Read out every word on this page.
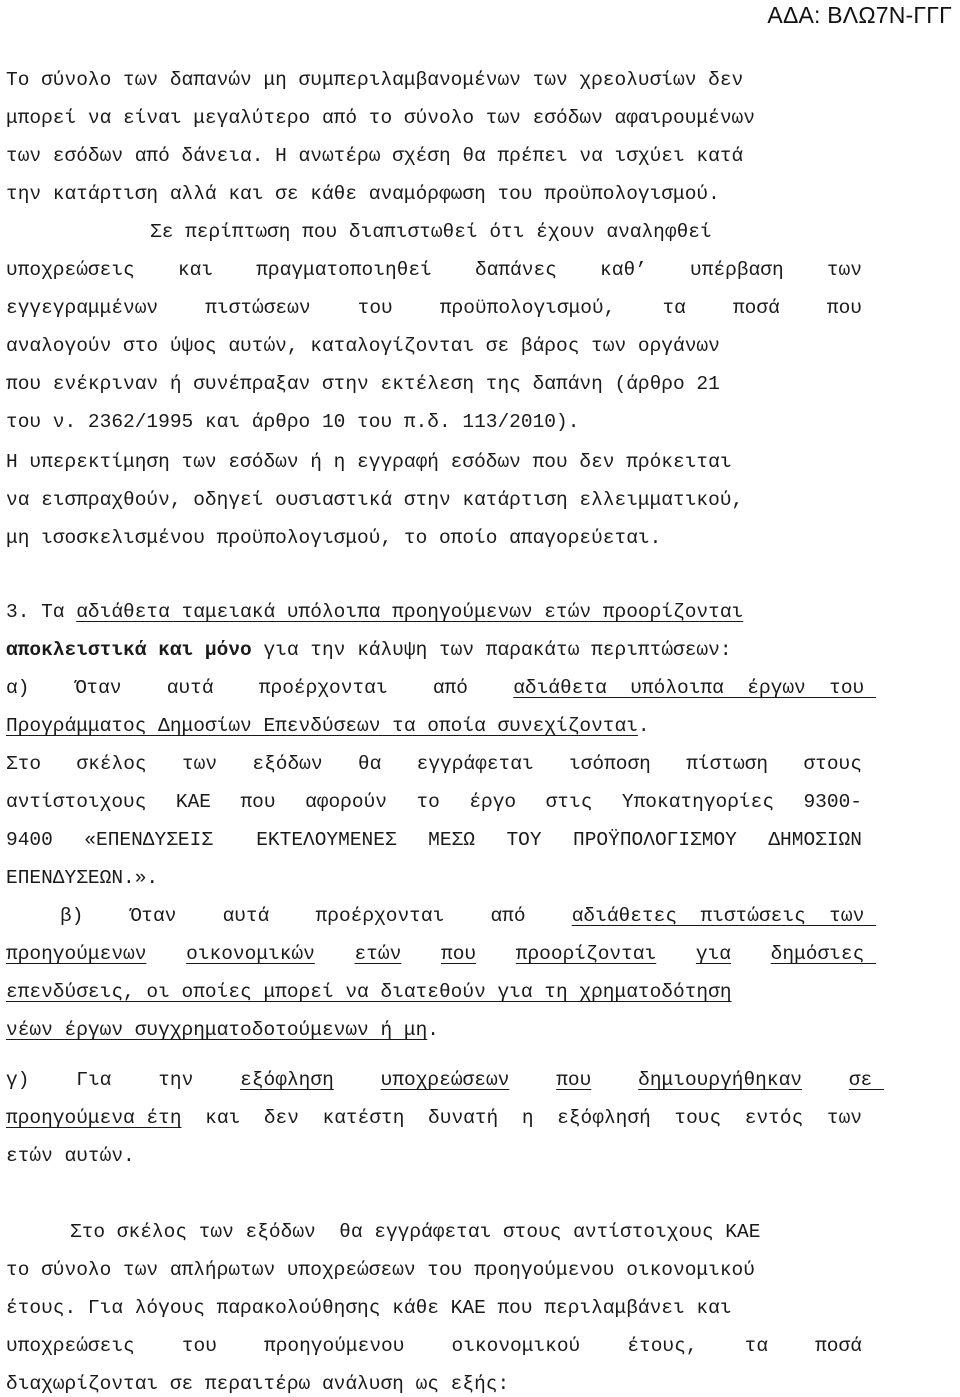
ΑΔΑ: ΒΛΩ7Ν-ΓΓΓ
Το σύνολο των δαπανών μη συμπεριλαμβανομένων των χρεολυσίων δεν
μπορεί να είναι μεγαλύτερο από το σύνολο των εσόδων αφαιρουμένων
των εσόδων από δάνεια. Η ανωτέρω σχέση θα πρέπει να ισχύει κατά
την κατάρτιση αλλά και σε κάθε αναμόρφωση του προϋπολογισμού.
Σε περίπτωση που διαπιστωθεί ότι έχουν αναληφθεί
υποχρεώσεις και πραγματοποιηθεί δαπάνες καθ’ υπέρβαση των
εγγεγραμμένων πιστώσεων του προϋπολογισμού, τα ποσά που
αναλογούν στο ύψος αυτών, καταλογίζονται σε βάρος των οργάνων
που ενέκριναν ή συνέπραξαν στην εκτέλεση της δαπάνη (άρθρο 21
του ν. 2362/1995 και άρθρο 10 του π.δ. 113/2010).
Η υπερεκτίμηση των εσόδων ή η εγγραφή εσόδων που δεν πρόκειται
να εισπραχθούν, οδηγεί ουσιαστικά στην κατάρτιση ελλειμματικού,
μη ισοσκελισμένου προϋπολογισμού, το οποίο απαγορεύεται.
3. Τα αδιάθετα ταμειακά υπόλοιπα προηγούμενων ετών προορίζονται
αποκλειστικά και μόνο για την κάλυψη των παρακάτω περιπτώσεων:
α) Όταν αυτά προέρχονται από αδιάθετα  υπόλοιπα  έργων  του
Προγράμματος Δημοσίων Επενδύσεων τα οποία συνεχίζονται.
Στο σκέλος των εξόδων θα εγγράφεται ισόποση πίστωση στους
αντίστοιχους ΚΑΕ που αφορούν το έργο στις Υποκατηγορίες 9300-
9400 «ΕΠΕΝΔΥΣΕΙΣ ΕΚΤΕΛΟΥΜΕΝΕΣ ΜΕΣΩ ΤΟΥ ΠΡΟΫΠΟΛΟΓΙΣΜΟΥ ΔΗΜΟΣΙΩΝ
ΕΠΕΝΔΥΣΕΩΝ.».
β) Όταν αυτά προέρχονται από αδιάθετες  πιστώσεις  των
προηγούμενων οικονομικών ετών που προορίζονται για δημόσιες
επενδύσεις, οι οποίες μπορεί να διατεθούν για τη χρηματοδότηση
νέων έργων συγχρηματοδοτούμενων ή μη.
γ) Για την εξόφληση υποχρεώσεων που δημιουργήθηκαν σε
προηγούμενα έτη και δεν κατέστη δυνατή η εξόφλησή τους εντός των
ετών αυτών.
Στο σκέλος των εξόδων  θα εγγράφεται στους αντίστοιχους ΚΑΕ
το σύνολο των απλήρωτων υποχρεώσεων του προηγούμενου οικονομικού
έτους. Για λόγους παρακολούθησης κάθε ΚΑΕ που περιλαμβάνει και
υποχρεώσεις του προηγούμενου οικονομικού έτους, τα ποσά
διαχωρίζονται σε περαιτέρω ανάλυση ως εξής:
